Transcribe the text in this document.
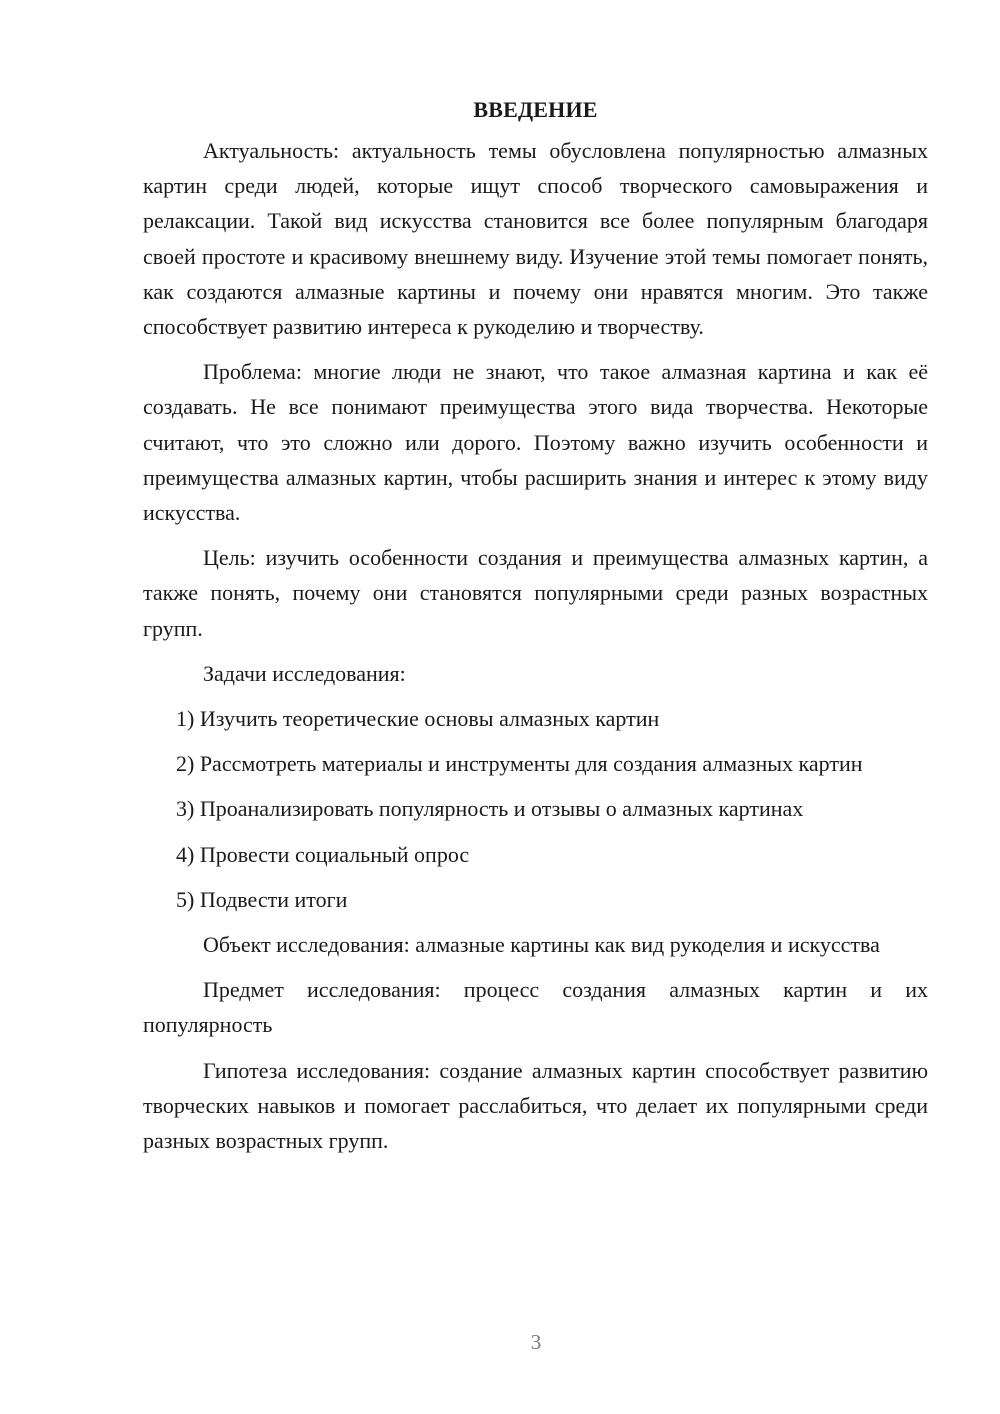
ВВЕДЕНИЕ

Актуальность: актуальность темы обусловлена популярностью алмазных картин среди людей, которые ищут способ творческого самовыражения и релаксации. Такой вид искусства становится все более популярным благодаря своей простоте и красивому внешнему виду. Изучение этой темы помогает понять, как создаются алмазные картины и почему они нравятся многим. Это также способствует развитию интереса к рукоделию и творчеству.

Проблема: многие люди не знают, что такое алмазная картина и как её создавать. Не все понимают преимущества этого вида творчества. Некоторые считают, что это сложно или дорого. Поэтому важно изучить особенности и преимущества алмазных картин, чтобы расширить знания и интерес к этому виду искусства.

Цель: изучить особенности создания и преимущества алмазных картин, а также понять, почему они становятся популярными среди разных возрастных групп.

Задачи исследования:

1) Изучить теоретические основы алмазных картин

2) Рассмотреть материалы и инструменты для создания алмазных картин

3) Проанализировать популярность и отзывы о алмазных картинах

4) Провести социальный опрос

5) Подвести итоги

Объект исследования: алмазные картины как вид рукоделия и искусства

Предмет исследования: процесс создания алмазных картин и их популярность

Гипотеза исследования: создание алмазных картин способствует развитию творческих навыков и помогает расслабиться, что делает их популярными среди разных возрастных групп.

3
